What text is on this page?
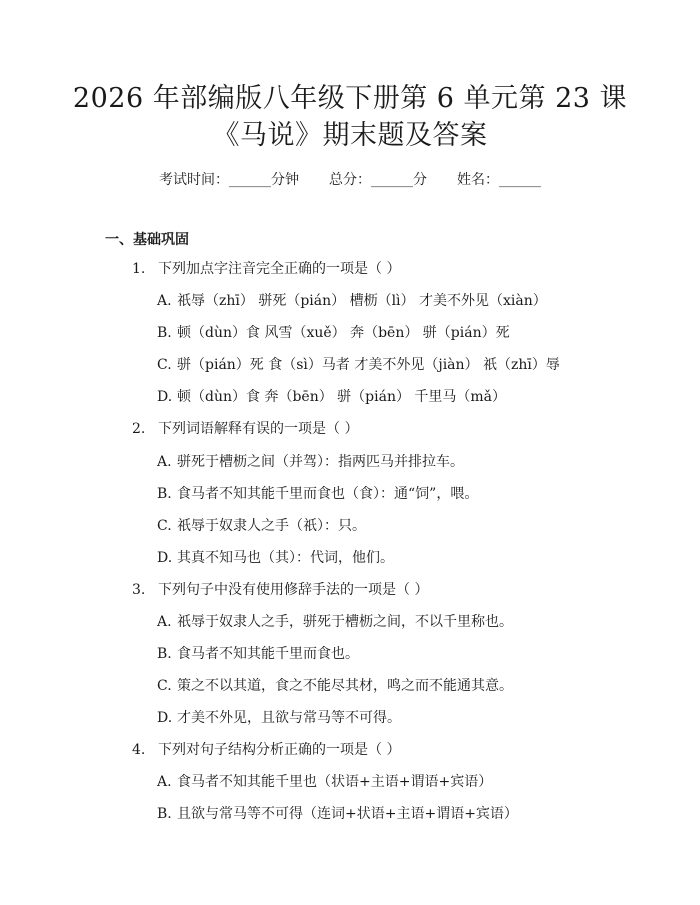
2026 年部编版八年级下册第 6 单元第 23 课
《马说》期末题及答案
考试时间：______分钟 总分：______分 姓名：______
一、基础巩固
1. 下列加点字注音完全正确的一项是（ ）
A. 祇辱（zhī） 骈死（pián） 槽枥（lì） 才美不外见（xiàn）
B. 顿（dùn）食 风雪（xuě） 奔（bēn） 骈（pián）死
C. 骈（pián）死 食（sì）马者 才美不外见（jiàn） 祇（zhī）辱
D. 顿（dùn）食 奔（bēn） 骈（pián） 千里马（mǎ）
2. 下列词语解释有误的一项是（ ）
A. 骈死于槽枥之间（并驾）：指两匹马并排拉车。
B. 食马者不知其能千里而食也（食）：通“饲”，喂。
C. 祇辱于奴隶人之手（祇）：只。
D. 其真不知马也（其）：代词，他们。
3. 下列句子中没有使用修辞手法的一项是（ ）
A. 祇辱于奴隶人之手，骈死于槽枥之间，不以千里称也。
B. 食马者不知其能千里而食也。
C. 策之不以其道，食之不能尽其材，鸣之而不能通其意。
D. 才美不外见，且欲与常马等不可得。
4. 下列对句子结构分析正确的一项是（ ）
A. 食马者不知其能千里也（状语+主语+谓语+宾语）
B. 且欲与常马等不可得（连词+状语+主语+谓语+宾语）
